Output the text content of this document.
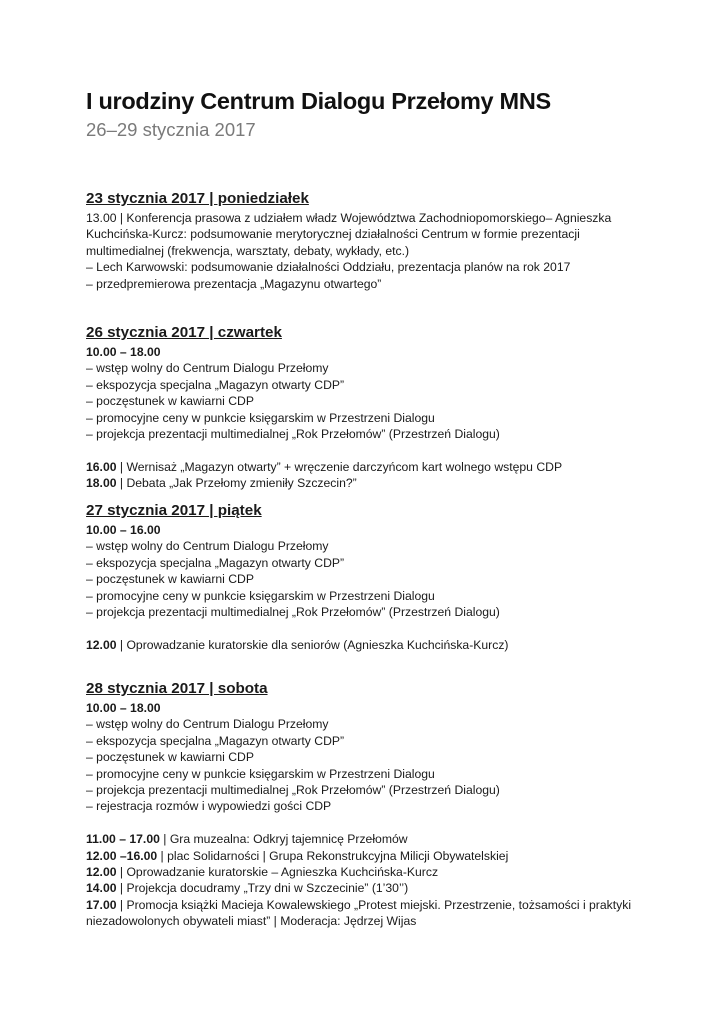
I urodziny Centrum Dialogu Przełomy MNS
26–29 stycznia 2017
23 stycznia 2017 | poniedziałek
13.00 | Konferencja prasowa z udziałem władz Województwa Zachodniopomorskiego– Agnieszka
Kuchcińska-Kurcz: podsumowanie merytorycznej działalności Centrum w formie prezentacji
multimedialnej (frekwencja, warsztaty, debaty, wykłady, etc.)
– Lech Karwowski: podsumowanie działalności Oddziału, prezentacja planów na rok 2017
– przedpremierowa prezentacja „Magazynu otwartego”
26 stycznia 2017 | czwartek
10.00 – 18.00
– wstęp wolny do Centrum Dialogu Przełomy
– ekspozycja specjalna „Magazyn otwarty CDP”
– poczęstunek w kawiarni CDP
– promocyjne ceny w punkcie księgarskim w Przestrzeni Dialogu
– projekcja prezentacji multimedialnej „Rok Przełomów” (Przestrzeń Dialogu)
16.00 | Wernisaż „Magazyn otwarty” + wręczenie darczyńcom kart wolnego wstępu CDP
18.00 | Debata „Jak Przełomy zmieniły Szczecin?”
27 stycznia 2017 | piątek
10.00 – 16.00
– wstęp wolny do Centrum Dialogu Przełomy
– ekspozycja specjalna „Magazyn otwarty CDP”
– poczęstunek w kawiarni CDP
– promocyjne ceny w punkcie księgarskim w Przestrzeni Dialogu
– projekcja prezentacji multimedialnej „Rok Przełomów” (Przestrzeń Dialogu)
12.00 | Oprowadzanie kuratorskie dla seniorów (Agnieszka Kuchcińska-Kurcz)
28 stycznia 2017 | sobota
10.00 – 18.00
– wstęp wolny do Centrum Dialogu Przełomy
– ekspozycja specjalna „Magazyn otwarty CDP”
– poczęstunek w kawiarni CDP
– promocyjne ceny w punkcie księgarskim w Przestrzeni Dialogu
– projekcja prezentacji multimedialnej „Rok Przełomów” (Przestrzeń Dialogu)
– rejestracja rozmów i wypowiedzi gości CDP
11.00 – 17.00 | Gra muzealna: Odkryj tajemnicę Przełomów
12.00 –16.00 | plac Solidarności | Grupa Rekonstrukcyjna Milicji Obywatelskiej
12.00 | Oprowadzanie kuratorskie – Agnieszka Kuchcińska-Kurcz
14.00 | Projekcja docudramy „Trzy dni w Szczecinie” (1’30’’)
17.00 | Promocja książki Macieja Kowalewskiego „Protest miejski. Przestrzenie, tożsamości i praktyki
niezadowolonych obywateli miast” | Moderacja: Jędrzej Wijas
